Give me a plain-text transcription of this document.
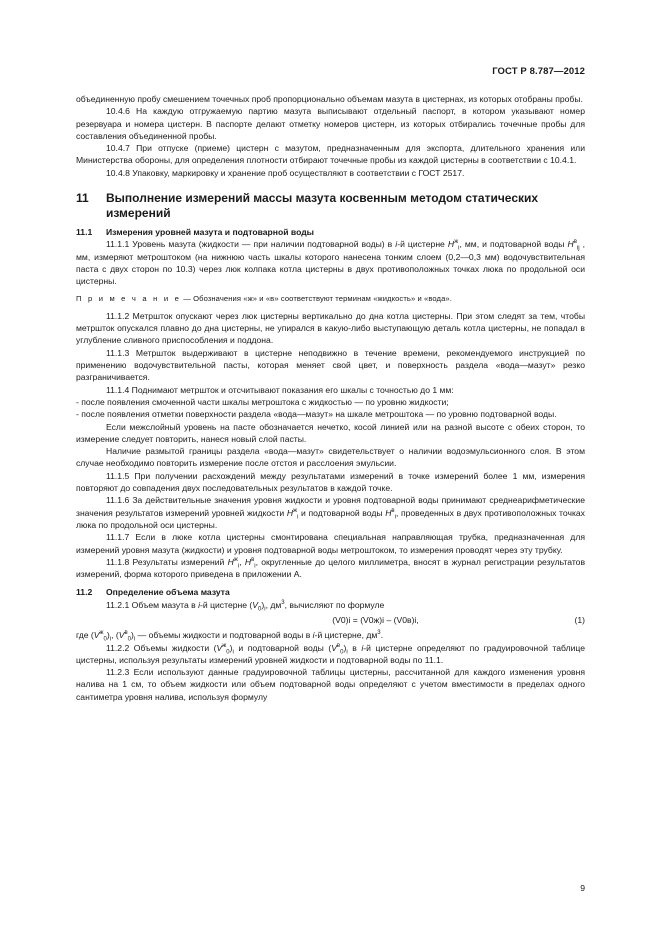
ГОСТ Р 8.787—2012

объединенную пробу смешением точечных проб пропорционально объемам мазута в цистернах, из которых отобраны пробы.

10.4.6 На каждую отгружаемую партию мазута выписывают отдельный паспорт, в котором указывают номер резервуара и номера цистерн. В паспорте делают отметку номеров цистерн, из которых отбирались точечные пробы для составления объединенной пробы.

10.4.7 При отпуске (приеме) цистерн с мазутом, предназначенным для экспорта, длительного хранения или Министерства обороны, для определения плотности отбирают точечные пробы из каждой цистерны в соответствии с 10.4.1.

10.4.8 Упаковку, маркировку и хранение проб осуществляют в соответствии с ГОСТ 2517.

11	Выполнение измерений массы мазута косвенным методом статических измерений

11.1 Измерения уровней мазута и подтоварной воды

11.1.1 Уровень мазута (жидкости — при наличии подтоварной воды) в i-й цистерне $H^ж_i$, мм, и подтоварной воды $H^в_{ij}$ , мм, измеряют метроштоком (на нижнюю часть шкалы которого нанесена тонким слоем (0,2—0,3 мм) водочувствительная паста с двух сторон по 10.3) через люк колпака котла цистерны в двух противоположных точках люка по продольной оси цистерны.

П р и м е ч а н и е — Обозначения «ж» и «в» соответствуют терминам «жидкость» и «вода».

11.1.2 Метршток опускают через люк цистерны вертикально до дна котла цистерны. При этом следят за тем, чтобы метршток опускался плавно до дна цистерны, не упирался в какую-либо выступающую деталь котла цистерны, не попадал в углубление сливного приспособления и поддона.

11.1.3 Метршток выдерживают в цистерне неподвижно в течение времени, рекомендуемого инструкцией по применению водочувствительной пасты, которая меняет свой цвет, и поверхность раздела «вода—мазут» резко разграничивается.

11.1.4 Поднимают метршток и отсчитывают показания его шкалы с точностью до 1 мм:

- после появления смоченной части шкалы метроштока с жидкостью — по уровню жидкости;

- после появления отметки поверхности раздела «вода—мазут» на шкале метроштока — по уровню подтоварной воды.

Если межслойный уровень на пасте обозначается нечетко, косой линией или на разной высоте с обеих сторон, то измерение следует повторить, нанеся новый слой пасты.

Наличие размытой границы раздела «вода—мазут» свидетельствует о наличии водоэмульсионного слоя. В этом случае необходимо повторить измерение после отстоя и расслоения эмульсии.

11.1.5 При получении расхождений между результатами измерений в точке измерений более 1 мм, измерения повторяют до совпадения двух последовательных результатов в каждой точке.

11.1.6 За действительные значения уровня жидкости и уровня подтоварной воды принимают среднеарифметические значения результатов измерений уровней жидкости $H^ж_i$ и подтоварной воды $H^в_i$, проведенных в двух противоположных точках люка по продольной оси цистерны.

11.1.7 Если в люке котла цистерны смонтирована специальная направляющая трубка, предназначенная для измерений уровня мазута (жидкости) и уровня подтоварной воды метроштоком, то измерения проводят через эту трубку.

11.1.8 Результаты измерений $H^ж_i$, $H^в_i$, округленные до целого миллиметра, вносят в журнал регистрации результатов измерений, форма которого приведена в приложении А.

11.2 Определение объема мазута

11.2.1 Объем мазута в i-й цистерне $(V_0)_i$, $дм^3$, вычисляют по формуле

(V0)i = (V0ж)i – (V0в)i,	(1)

где $(V^ж_0)_i$, $(V^в_0)_i$ — объемы жидкости и подтоварной воды в i-й цистерне, $дм^3$.

11.2.2 Объемы жидкости $(V^ж_0)_i$ и подтоварной воды $(V^в_0)_i$ в i-й цистерне определяют по градуировочной таблице цистерны, используя результаты измерений уровней жидкости и подтоварной воды по 11.1.

11.2.3 Если используют данные градуировочной таблицы цистерны, рассчитанной для каждого изменения уровня налива на 1 см, то объем жидкости или объем подтоварной воды определяют с учетом вместимости в пределах одного сантиметра уровня налива, используя формулу

9
